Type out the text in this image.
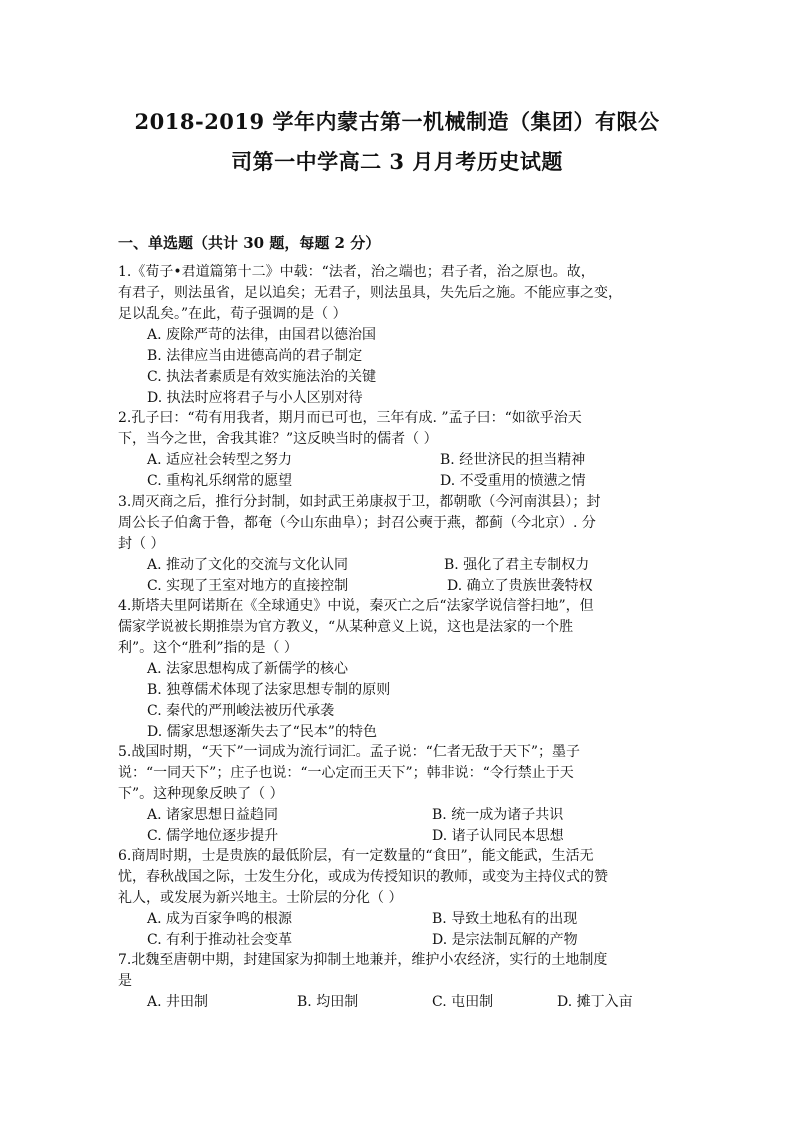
2018-2019 学年内蒙古第一机械制造（集团）有限公
司第一中学高二 3 月月考历史试题
一、单选题（共计 30 题，每题 2 分）
1.《荀子•君道篇第十二》中载：“法者，治之端也；君子者，治之原也。故，
有君子，则法虽省，足以追矣；无君子，则法虽具，失先后之施。不能应事之变，
足以乱矣。”在此，荀子强调的是（ ）
A. 废除严苛的法律，由国君以德治国
B. 法律应当由进德高尚的君子制定
C. 执法者素质是有效实施法治的关键
D. 执法时应将君子与小人区别对待
2.孔子曰：“苟有用我者，期月而已可也，三年有成. ”孟子曰：“如欲乎治天
下，当今之世，舍我其谁？”这反映当时的儒者（ ）
A. 适应社会转型之努力	B. 经世济民的担当精神
C. 重构礼乐纲常的愿望	D. 不受重用的愤懑之情
3.周灭商之后，推行分封制，如封武王弟康叔于卫，都朝歌（今河南淇县）；封
周公长子伯禽于鲁，都奄（今山东曲阜）；封召公奭于燕，都蓟（今北京）. 分
封（ ）
A. 推动了文化的交流与文化认同	B. 强化了君主专制权力
C. 实现了王室对地方的直接控制	D. 确立了贵族世袭特权
4.斯塔夫里阿诺斯在《全球通史》中说，秦灭亡之后“法家学说信誉扫地”，但
儒家学说被长期推崇为官方教义，“从某种意义上说，这也是法家的一个胜
利”。这个“胜利”指的是（ ）
A. 法家思想构成了新儒学的核心
B. 独尊儒术体现了法家思想专制的原则
C. 秦代的严刑峻法被历代承袭
D. 儒家思想逐渐失去了“民本”的特色
5.战国时期，“天下”一词成为流行词汇。孟子说：“仁者无敌于天下”；墨子
说：“一同天下”；庄子也说：“一心定而王天下”；韩非说：“令行禁止于天
下”。这种现象反映了（ ）
A. 诸家思想日益趋同	B. 统一成为诸子共识
C. 儒学地位逐步提升	D. 诸子认同民本思想
6.商周时期，士是贵族的最低阶层，有一定数量的“食田”，能文能武，生活无
忧，春秋战国之际，士发生分化，或成为传授知识的教师，或变为主持仪式的赞
礼人，或发展为新兴地主。士阶层的分化（ ）
A. 成为百家争鸣的根源	B. 导致土地私有的出现
C. 有利于推动社会变革	D. 是宗法制瓦解的产物
7.北魏至唐朝中期，封建国家为抑制土地兼并，维护小农经济，实行的土地制度
是
A. 井田制	B. 均田制	C. 屯田制	D. 摊丁入亩
